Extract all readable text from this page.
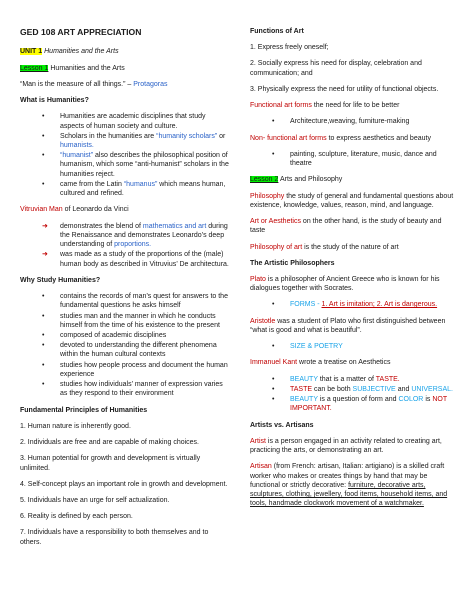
GED 108 ART APPRECIATION

UNIT 1 Humanities and the Arts

Lesson 1 Humanities and the Arts

“Man is the measure of all things.” – Protagoras

What is Humanities?

• Humanities are academic disciplines that study aspects of human society and culture.
• Scholars in the humanities are “humanity scholars” or humanists.
• “humanist” also describes the philosophical position of humanism, which some “anti-humanist” scholars in the humanities reject.
• came from the Latin “humanus” which means human, cultured and refined.

Vitruvian Man of Leonardo da Vinci

➜ demonstrates the blend of mathematics and art during the Renaissance and demonstrates Leonardo’s deep understanding of proportions.
➜ was made as a study of the proportions of the (male) human body as described in Vitruvius’ De architectura.

Why Study Humanities?

• contains the records of man’s quest for answers to the fundamental questions he asks himself
• studies man and the manner in which he conducts himself from the time of his existence to the present
• composed of academic disciplines
• devoted to understanding the different phenomena within the human cultural contexts
• studies how people process and document the human experience
• studies how individuals’ manner of expression varies as they respond to their environment

Fundamental Principles of Humanities

1. Human nature is inherently good.

2. Individuals are free and are capable of making choices.

3. Human potential for growth and development is virtually unlimited.

4. Self-concept plays an important role in growth and development.

5. Individuals have an urge for self actualization.

6. Reality is defined by each person.

7. Individuals have a responsibility to both themselves and to others.

Functions of Art

1. Express freely oneself;

2. Socially express his need for display, celebration and communication; and

3. Physically express the need for utility of functional objects.

Functional art forms the need for life to be better

• Architecture,weaving, furniture-making

Non- functional art forms to express aesthetics and beauty

• painting, sculpture, literature, music, dance and theatre

Lesson 2 Arts and Philosophy

Philosophy the study of general and fundamental questions about existence, knowledge, values, reason, mind, and language.

Art or Aesthetics on the other hand, is the study of beauty and taste

Philosophy of art is the study of the nature of art

The Artistic Philosophers

Plato is a philosopher of Ancient Greece who is known for his dialogues together with Socrates.

• FORMS - 1. Art is imitation; 2. Art is dangerous.

Aristotle was a student of Plato who first distinguished between “what is good and what is beautiful”.

• SIZE & POETRY

Immanuel Kant wrote a treatise on Aesthetics

• BEAUTY that is a matter of TASTE.
• TASTE can be both SUBJECTIVE and UNIVERSAL.
• BEAUTY is a question of form and COLOR is NOT IMPORTANT.

Artists vs. Artisans

Artist is a person engaged in an activity related to creating art, practicing the arts, or demonstrating an art.

Artisan (from French: artisan, Italian: artigiano) is a skilled craft worker who makes or creates things by hand that may be functional or strictly decorative: furniture, decorative arts, sculptures, clothing, jewellery, food items, household items, and tools, handmade clockwork movement of a watchmaker.
